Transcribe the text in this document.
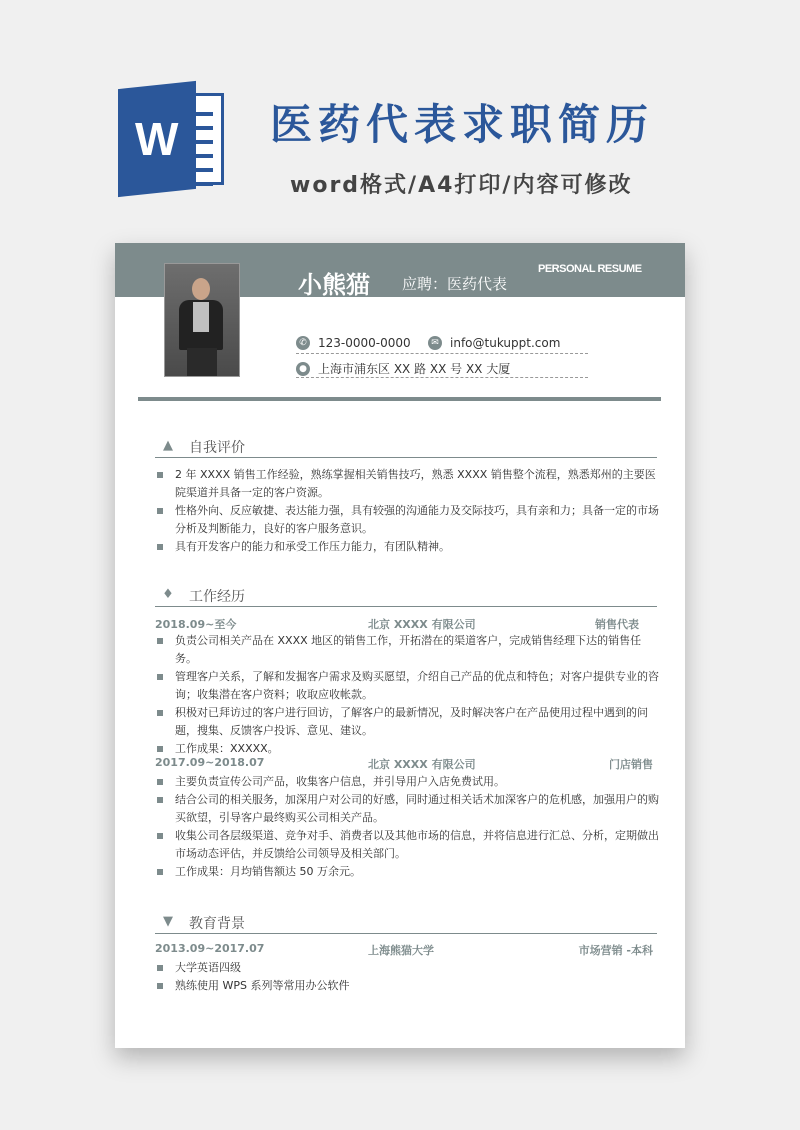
W 医药代表求职简历
word格式/A4打印/内容可修改
小熊猫 应聘：医药代表
PERSONAL RESUME
✆ 123-0000-0000	✉ info@tukuppt.com
● 上海市浦东区 XX 路 XX 号 XX 大厦
▲ 自我评价
2 年 XXXX 销售工作经验，熟练掌握相关销售技巧，熟悉 XXXX 销售整个流程，熟悉郑州的主要医院渠道并具备一定的客户资源。
性格外向、反应敏捷、表达能力强，具有较强的沟通能力及交际技巧，具有亲和力；具备一定的市场分析及判断能力，良好的客户服务意识。
具有开发客户的能力和承受工作压力能力，有团队精神。
♦ 工作经历
2018.09~至今	北京 XXXX 有限公司	销售代表
负责公司相关产品在 XXXX 地区的销售工作，开拓潜在的渠道客户，完成销售经理下达的销售任务。
管理客户关系，了解和发掘客户需求及购买愿望，介绍自己产品的优点和特色；对客户提供专业的咨询；收集潜在客户资料；收取应收帐款。
积极对已拜访过的客户进行回访，了解客户的最新情况，及时解决客户在产品使用过程中遇到的问题，搜集、反馈客户投诉、意见、建议。
工作成果：XXXXX。
2017.09~2018.07	北京 XXXX 有限公司	门店销售
主要负责宣传公司产品，收集客户信息，并引导用户入店免费试用。
结合公司的相关服务，加深用户对公司的好感，同时通过相关话术加深客户的危机感，加强用户的购买欲望，引导客户最终购买公司相关产品。
收集公司各层级渠道、竞争对手、消费者以及其他市场的信息，并将信息进行汇总、分析，定期做出市场动态评估，并反馈给公司领导及相关部门。
工作成果：月均销售额达 50 万余元。
▼ 教育背景
2013.09~2017.07	上海熊猫大学	市场营销 -本科
大学英语四级
熟练使用 WPS 系列等常用办公软件
